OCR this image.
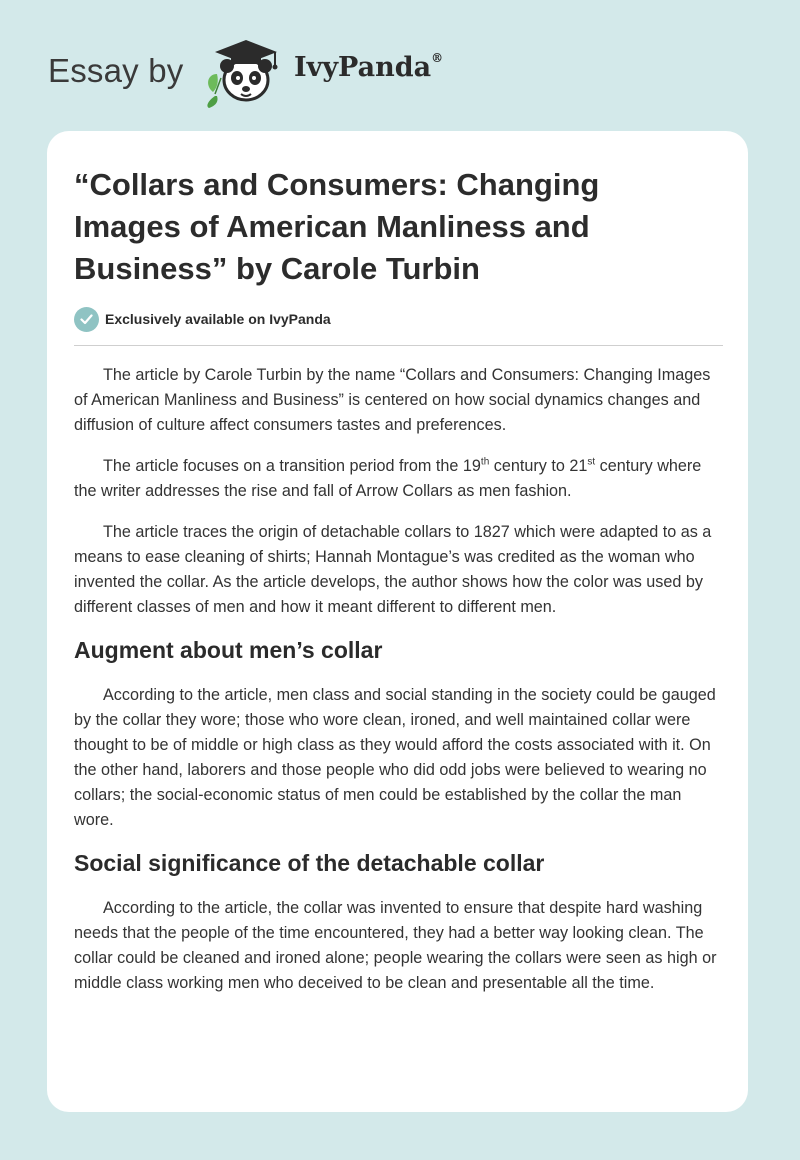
Essay by	IvyPanda®
“Collars and Consumers: Changing Images of American Manliness and Business” by Carole Turbin
Exclusively available on IvyPanda

The article by Carole Turbin by the name “Collars and Consumers: Changing Images of American Manliness and Business” is centered on how social dynamics changes and diffusion of culture affect consumers tastes and preferences.

The article focuses on a transition period from the 19th century to 21st century where the writer addresses the rise and fall of Arrow Collars as men fashion.

The article traces the origin of detachable collars to 1827 which were adapted to as a means to ease cleaning of shirts; Hannah Montague’s was credited as the woman who invented the collar. As the article develops, the author shows how the color was used by different classes of men and how it meant different to different men.

Augment about men’s collar

According to the article, men class and social standing in the society could be gauged by the collar they wore; those who wore clean, ironed, and well maintained collar were thought to be of middle or high class as they would afford the costs associated with it. On the other hand, laborers and those people who did odd jobs were believed to wearing no collars; the social-economic status of men could be established by the collar the man wore.

Social significance of the detachable collar

According to the article, the collar was invented to ensure that despite hard washing needs that the people of the time encountered, they had a better way looking clean. The collar could be cleaned and ironed alone; people wearing the collars were seen as high or middle class working men who deceived to be clean and presentable all the time.
